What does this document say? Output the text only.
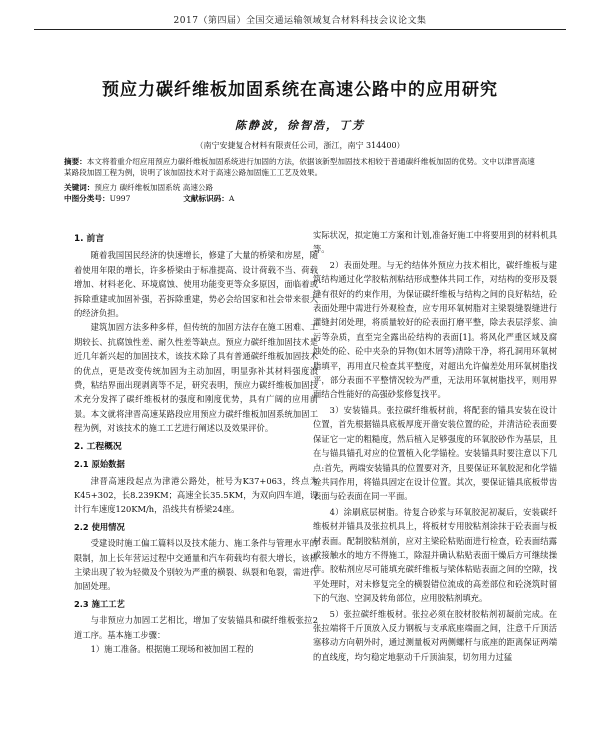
2017（第四届）全国交通运输领域复合材料科技会议论文集
预应力碳纤维板加固系统在高速公路中的应用研究
陈静波，徐智浩，丁芳
（南宁安捷复合材料有限责任公司，浙江，南宁 314400）
摘要：本文将着重介绍应用预应力碳纤维板加固系统进行加固的方法，依据该新型加固技术相较于普通碳纤维板加固的优势。文中以津晋高速某路段加固工程为例，说明了该加固技术对于高速公路加固施工工艺及效果。
关键词：预应力 碳纤维板加固系统 高速公路
中图分类号：U997	文献标识码：A
1. 前言

随着我国国民经济的快速增长，修建了大量的桥梁和房屋，随着使用年限的增长，许多桥梁由于标准提高、设计荷载不当、荷载增加、材料老化、环境腐蚀、使用功能变更等众多原因，面临着或拆除重建或加固补强，若拆除重建，势必会给国家和社会带来很大的经济负担。

建筑加固方法多种多样，但传统的加固方法存在施工困难、工期较长、抗腐蚀性差、耐久性差等缺点。预应力碳纤维加固技术是近几年新兴起的加固技术，该技术除了具有普通碳纤维板加固技术的优点，更是改变传统加固为主动加固，明显弥补其材料强度浪费，粘结界面出现剥离等不足，研究表明，预应力碳纤维板加固技术充分发挥了碳纤维板材的强度和刚度优势，具有广阔的应用前景。本文就将津晋高速某路段应用预应力碳纤维板加固系统加固工程为例，对该技术的施工工艺进行阐述以及效果评价。

2. 工程概况
2.1 原始数据

津晋高速段起点为津港公路处，桩号为K37+063，终点为K45+302，长8.239KM；高速全长35.5KM，为双向四车道，设计行车速度120KM/h，沿线共有桥梁24座。

2.2 使用情况

受建设时施工偏工篇料以及技术能力、施工条件与管理水平的限制，加上长年营运过程中交通量和汽车荷载均有很大增长，该桥主梁出现了较为轻微及个别较为严重的横裂、纵裂和龟裂，需进行加固处理。

2.3 施工工艺

与非预应力加固工艺相比，增加了安装锚具和碳纤维板张拉2道工序。基本施工步骤：

1）施工准备。根据施工现场和被加固工程的

实际状况，拟定施工方案和计划,准备好施工中将要用到的材料机具等。

2）表面处理。与无约结体外预应力技术相比，碳纤维板与建筑结构通过化学胶粘剂粘结形成整体共同工作，对结构的变形及裂缝有很好的约束作用，为保证碳纤维板与结构之间的良好粘结，砼表面处理中需进行外观检查，应专用环氧树脂对主梁裂缝裂缝进行灌缝封闭处理，将质量较好的砼表面打磨平整，除去表层浮浆、油污等杂质，直至完全露出砼结构的表面[1]。将风化严重区域及腐蚀处的砼、砼中夹杂的异物(如木屑等)清除干净，将孔洞用环氧树脂填平，再用直尺检查其平整度，对超出允许偏差处用环氧树脂找平，部分表面不平整情况较为严重，无法用环氧树脂找平，则用界面结合性能好的高强砂浆修复找平。

3）安装锚具。张拉碳纤维板材前，将配套的锚具安装在设计位置，首先根据锚具底板厚度开凿安装位置的砼，并清洁砼表面要保证它一定的粗糙度，然后植入足够强度的环氧胶砂作为基层，且在与锚具锚孔对应的位置植入化学锚栓。安装锚具时要注意以下几点:首先，两端安装锚具的位置要对齐，且要保证环氧胶泥和化学锚栓共同作用，将锚具固定在设计位置。其次，要保证锚具底板带齿表面与砼表面在同一平面。

4）涂刷底层树脂。待复合砂浆与环氧胶泥初凝后，安装碳纤维板材并锚具及张拉机具上，将板材专用胶粘剂涂抹于砼表面与板材表面。配制胶粘剂前，应对主梁砼粘贴面进行检查，砼表面结露或接触水的地方不得施工，除湿并确认粘贴表面干燥后方可继续操作。胶粘剂应尽可能填充碳纤维板与梁体粘贴表面之间的空隙，找平处理时，对未修复完全的横裂错位流成的高差部位和砼浇筑时留下的气泡、空洞及转角部位，应用胶粘剂填充。

5）张拉碳纤维板材。张拉必须在胶材胶粘剂初凝前完成。在张拉端将千斤顶放入反力钢板与支承底座端面之间，注意千斤顶活塞移动方向朝外时，通过测量板对两侧螺杆与底座的距离保证两端的直线度，均匀稳定地驱动千斤顶油泵，切勿用力过猛
